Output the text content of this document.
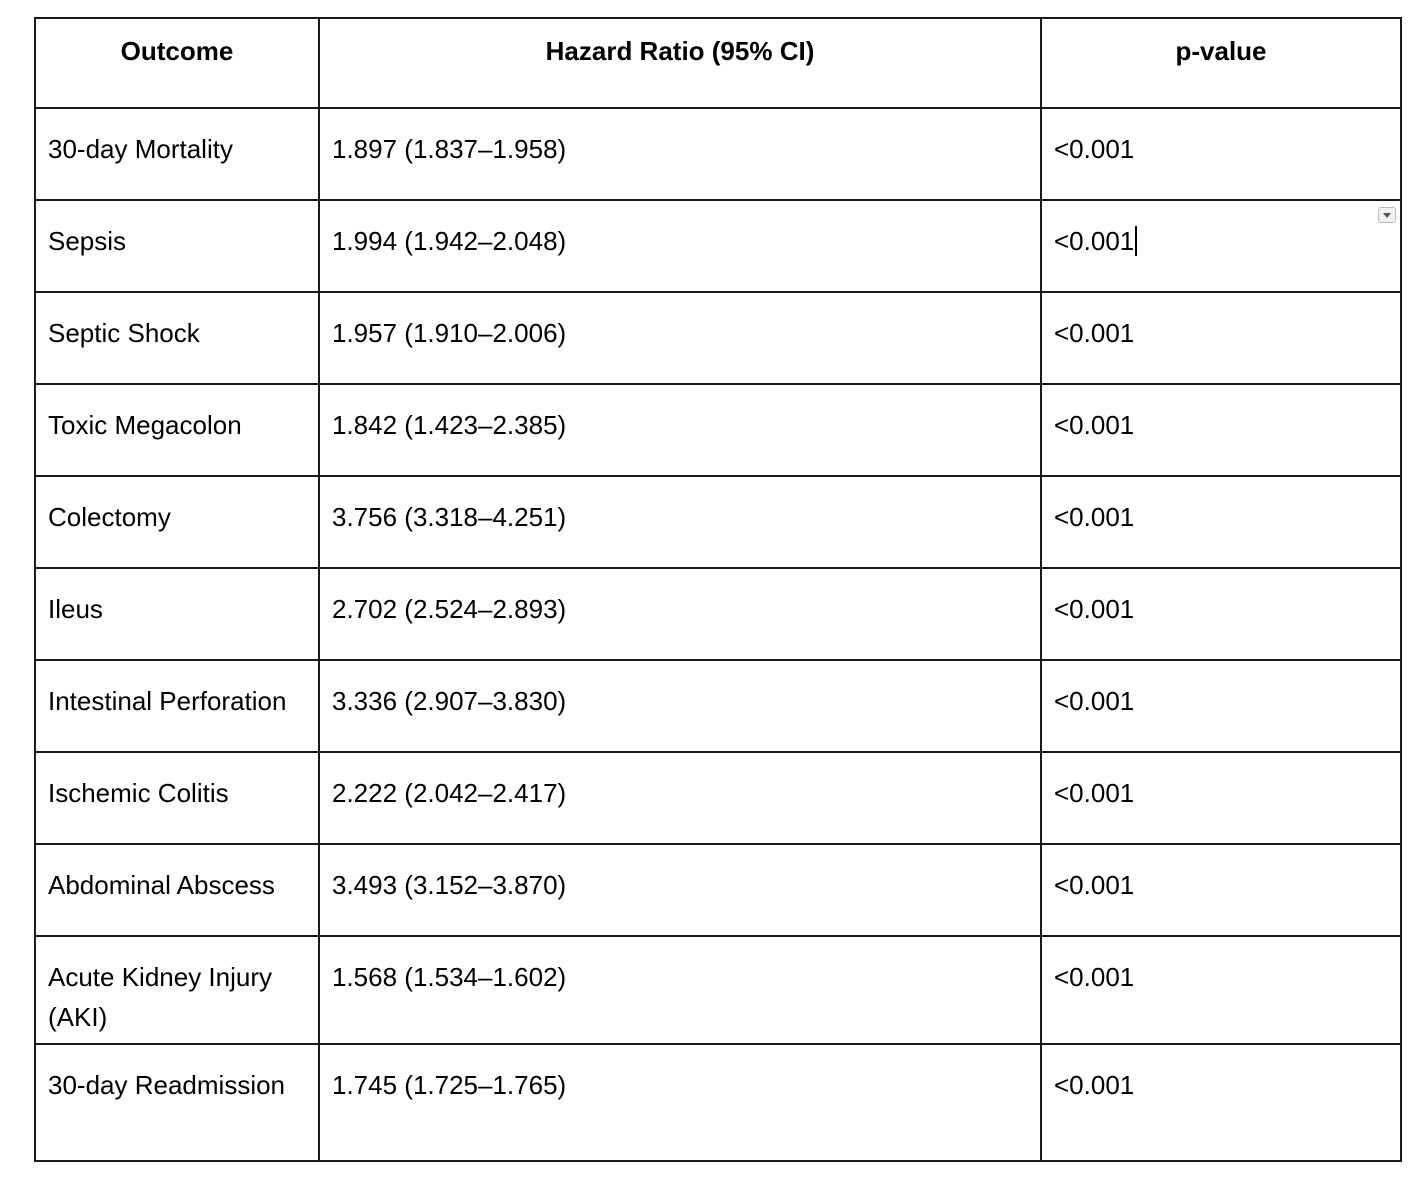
Outcome	Hazard Ratio (95% CI)	p-value
30-day Mortality	1.897 (1.837–1.958)	<0.001
Sepsis	1.994 (1.942–2.048)	<0.001

Septic Shock	1.957 (1.910–2.006)	<0.001
Toxic Megacolon	1.842 (1.423–2.385)	<0.001
Colectomy	3.756 (3.318–4.251)	<0.001
Ileus	2.702 (2.524–2.893)	<0.001
Intestinal Perforation	3.336 (2.907–3.830)	<0.001
Ischemic Colitis	2.222 (2.042–2.417)	<0.001
Abdominal Abscess	3.493 (3.152–3.870)	<0.001
Acute Kidney Injury (AKI)	1.568 (1.534–1.602)	<0.001
30-day Readmission	1.745 (1.725–1.765)	<0.001
